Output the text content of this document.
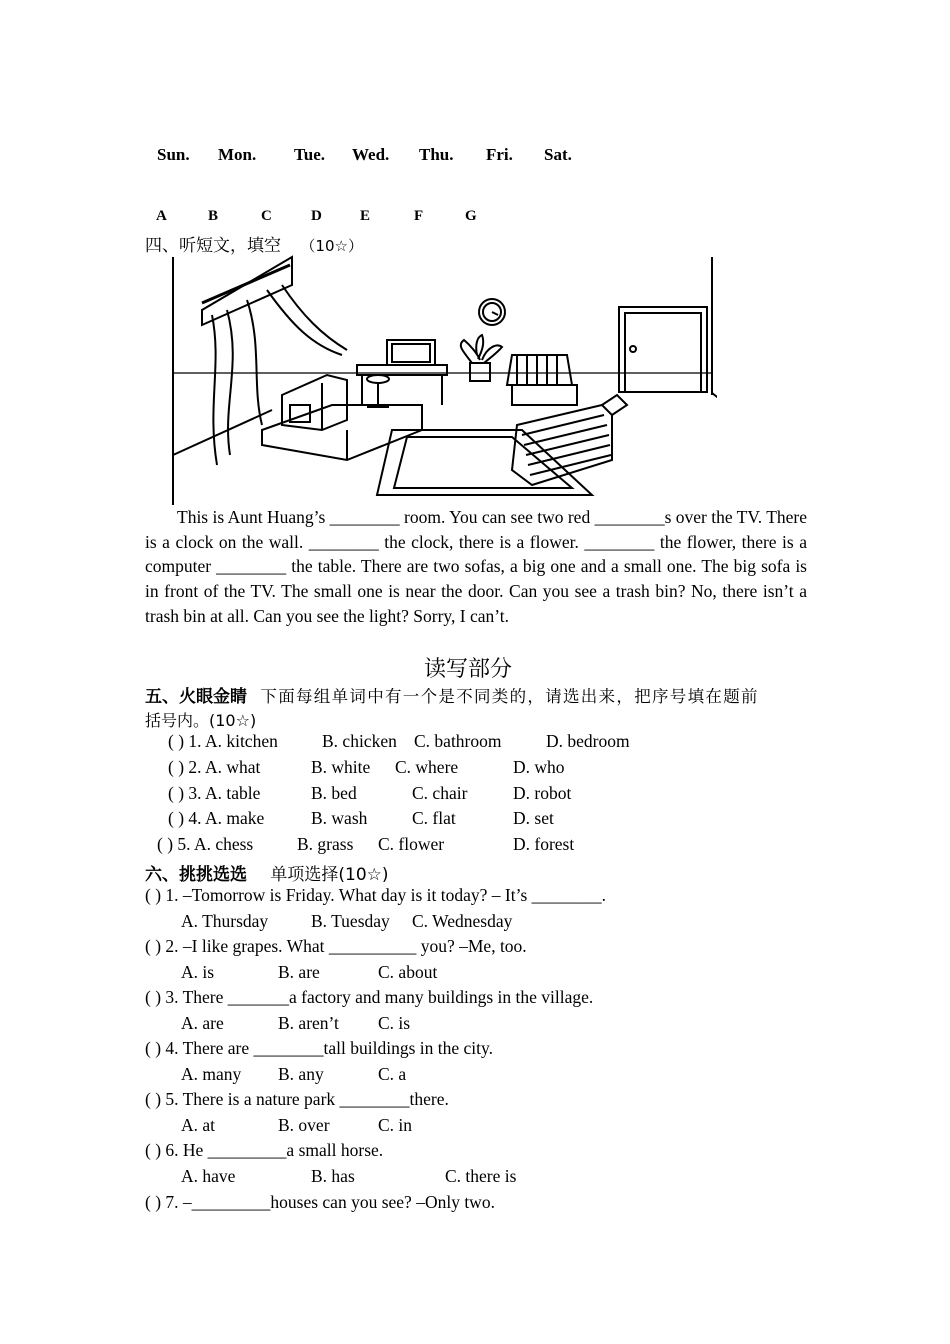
Sun. Mon. Tue. Wed. Thu. Fri. Sat.
A	B	C	D	E	F	G
四、听短文，填空 （10☆）
This is Aunt Huang’s ________ room. You can see two red ________s over the TV. There is a clock on the wall. ________ the clock, there is a flower. ________ the flower, there is a computer ________ the table. There are two sofas, a big one and a small one. The big sofa is in front of the TV. The small one is near the door. Can you see a trash bin? No, there isn’t a trash bin at all. Can you see the light? Sorry, I can’t.
读写部分
五、火眼金睛 下面每组单词中有一个是不同类的，请选出来，把序号填在题前
括号内。(10☆)
( ) 1. A. kitchen	B. chicken C. bathroom	D. bedroom
( ) 2. A. what	B. white C. where	D. who
( ) 3. A. table	B. bed	C. chair	D. robot
( ) 4. A. make	B. wash	C. flat	D. set
( ) 5. A. chess	B. grass C. flower	D. forest
六、挑挑选选 单项选择(10☆)
( ) 1. –Tomorrow is Friday. What day is it today? – It’s ________.
A. Thursday B. Tuesday C. Wednesday
( ) 2. –I like grapes. What __________ you? –Me, too.
A. is	B. are	C. about
( ) 3. There _______a factory and many buildings in the village.
A. are	B. aren’t C. is
( ) 4. There are ________tall buildings in the city.
A. many B. any	C. a
( ) 5. There is a nature park ________there.
A. at	B. over	C. in
( ) 6. He _________a small horse.
A. have	B. has	C. there is
( ) 7. –_________houses can you see? –Only two.
